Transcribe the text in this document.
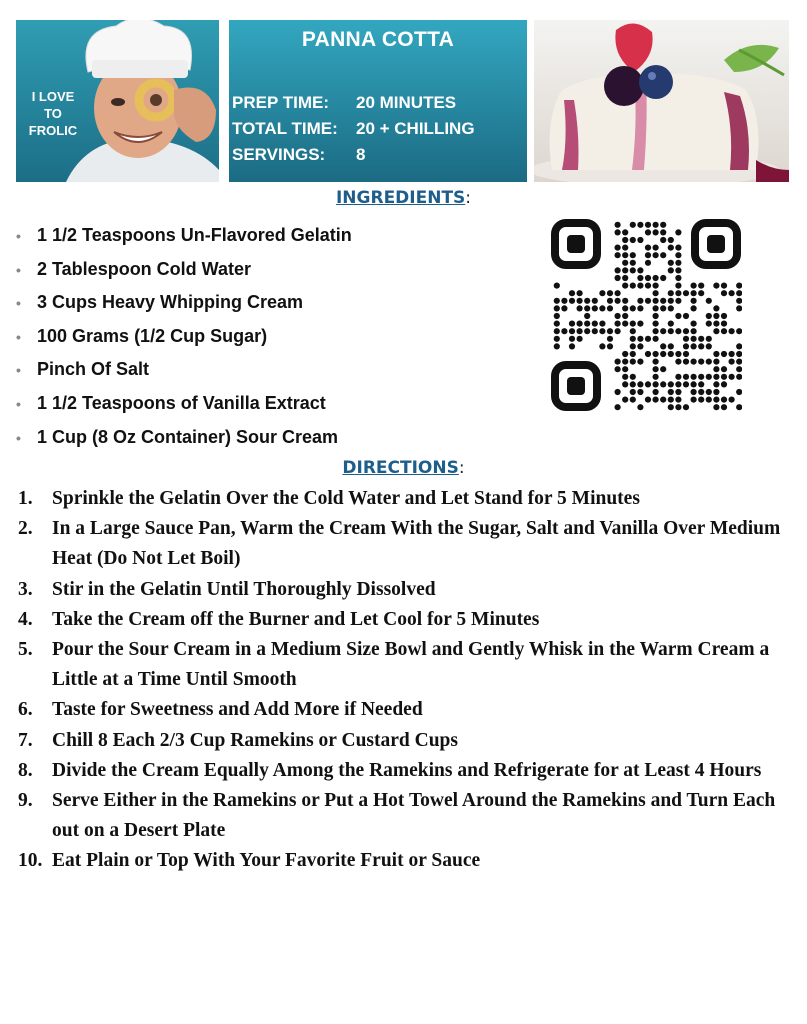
I LOVE TO FROLIC
PANNA COTTA
PREP TIME: 20 MINUTES
TOTAL TIME: 20 + CHILLING
SERVINGS: 8
INGREDIENTS:
• 1 1/2 Teaspoons Un-Flavored Gelatin
• 2 Tablespoon Cold Water
• 3 Cups Heavy Whipping Cream
• 100 Grams (1/2 Cup Sugar)
• Pinch Of Salt
• 1 1/2 Teaspoons of Vanilla Extract
• 1 Cup (8 Oz Container) Sour Cream
DIRECTIONS:
1. Sprinkle the Gelatin Over the Cold Water and Let Stand for 5 Minutes
2. In a Large Sauce Pan, Warm the Cream With the Sugar, Salt and Vanilla Over Medium Heat (Do Not Let Boil)
3. Stir in the Gelatin Until Thoroughly Dissolved
4. Take the Cream off the Burner and Let Cool for 5 Minutes
5. Pour the Sour Cream in a Medium Size Bowl and Gently Whisk in the Warm Cream a Little at a Time Until Smooth
6. Taste for Sweetness and Add More if Needed
7. Chill 8 Each 2/3 Cup Ramekins or Custard Cups
8. Divide the Cream Equally Among the Ramekins and Refrigerate for at Least 4 Hours
9. Serve Either in the Ramekins or Put a Hot Towel Around the Ramekins and Turn Each out on a Desert Plate
10. Eat Plain or Top With Your Favorite Fruit or Sauce
